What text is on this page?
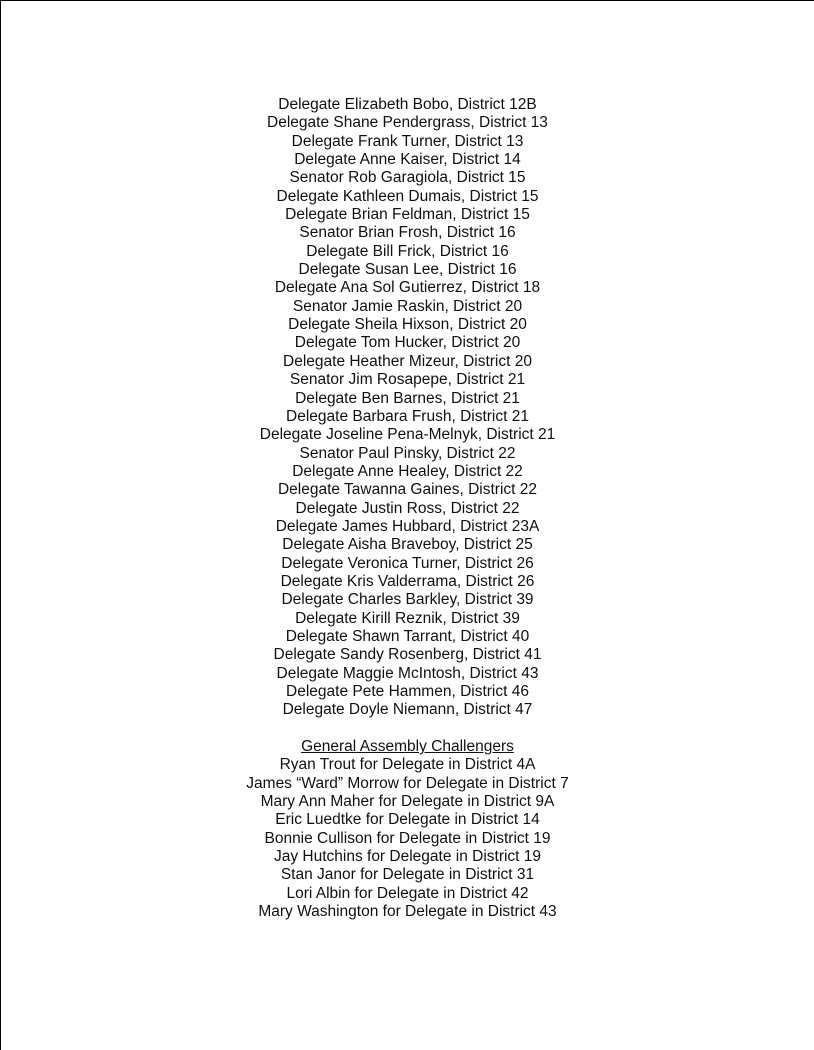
Delegate Elizabeth Bobo, District 12B
Delegate Shane Pendergrass, District 13
Delegate Frank Turner, District 13
Delegate Anne Kaiser, District 14
Senator Rob Garagiola, District 15
Delegate Kathleen Dumais, District 15
Delegate Brian Feldman, District 15
Senator Brian Frosh, District 16
Delegate Bill Frick, District 16
Delegate Susan Lee, District 16
Delegate Ana Sol Gutierrez, District 18
Senator Jamie Raskin, District 20
Delegate Sheila Hixson, District 20
Delegate Tom Hucker, District 20
Delegate Heather Mizeur, District 20
Senator Jim Rosapepe, District 21
Delegate Ben Barnes, District 21
Delegate Barbara Frush, District 21
Delegate Joseline Pena-Melnyk, District 21
Senator Paul Pinsky, District 22
Delegate Anne Healey, District 22
Delegate Tawanna Gaines, District 22
Delegate Justin Ross, District 22
Delegate James Hubbard, District 23A
Delegate Aisha Braveboy, District 25
Delegate Veronica Turner, District 26
Delegate Kris Valderrama, District 26
Delegate Charles Barkley, District 39
Delegate Kirill Reznik, District 39
Delegate Shawn Tarrant, District 40
Delegate Sandy Rosenberg, District 41
Delegate Maggie McIntosh, District 43
Delegate Pete Hammen, District 46
Delegate Doyle Niemann, District 47
General Assembly Challengers
Ryan Trout for Delegate in District 4A
James “Ward” Morrow for Delegate in District 7
Mary Ann Maher for Delegate in District 9A
Eric Luedtke for Delegate in District 14
Bonnie Cullison for Delegate in District 19
Jay Hutchins for Delegate in District 19
Stan Janor for Delegate in District 31
Lori Albin for Delegate in District 42
Mary Washington for Delegate in District 43
